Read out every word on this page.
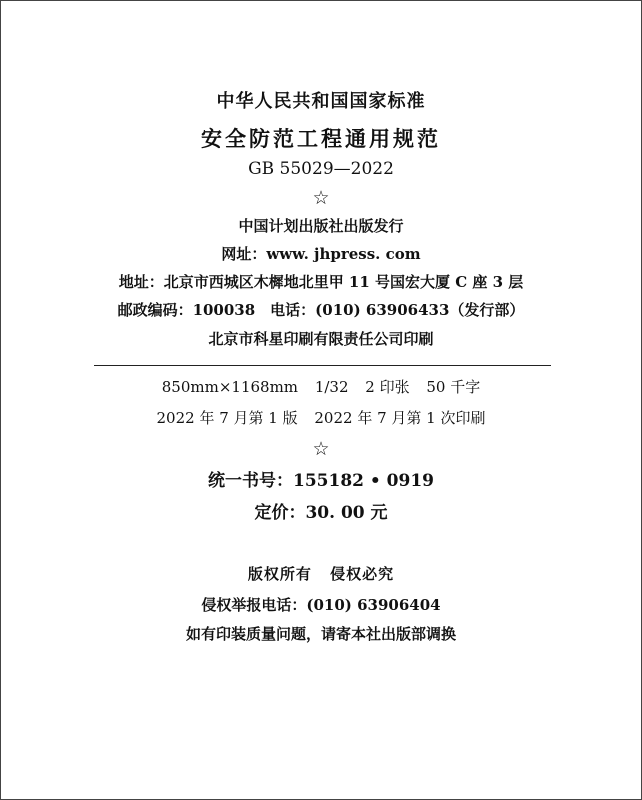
中华人民共和国国家标准
安全防范工程通用规范
GB 55029—2022
☆
中国计划出版社出版发行
网址：www. jhpress. com
地址：北京市西城区木樨地北里甲 11 号国宏大厦 C 座 3 层
邮政编码：100038　电话：(010) 63906433（发行部）
北京市科星印刷有限责任公司印刷
850mm×1168mm 1/32 2 印张 50 千字
2022 年 7 月第 1 版 2022 年 7 月第 1 次印刷
☆
统一书号：155182 • 0919
定价：30. 00 元
版权所有 侵权必究
侵权举报电话：(010) 63906404
如有印装质量问题，请寄本社出版部调换
